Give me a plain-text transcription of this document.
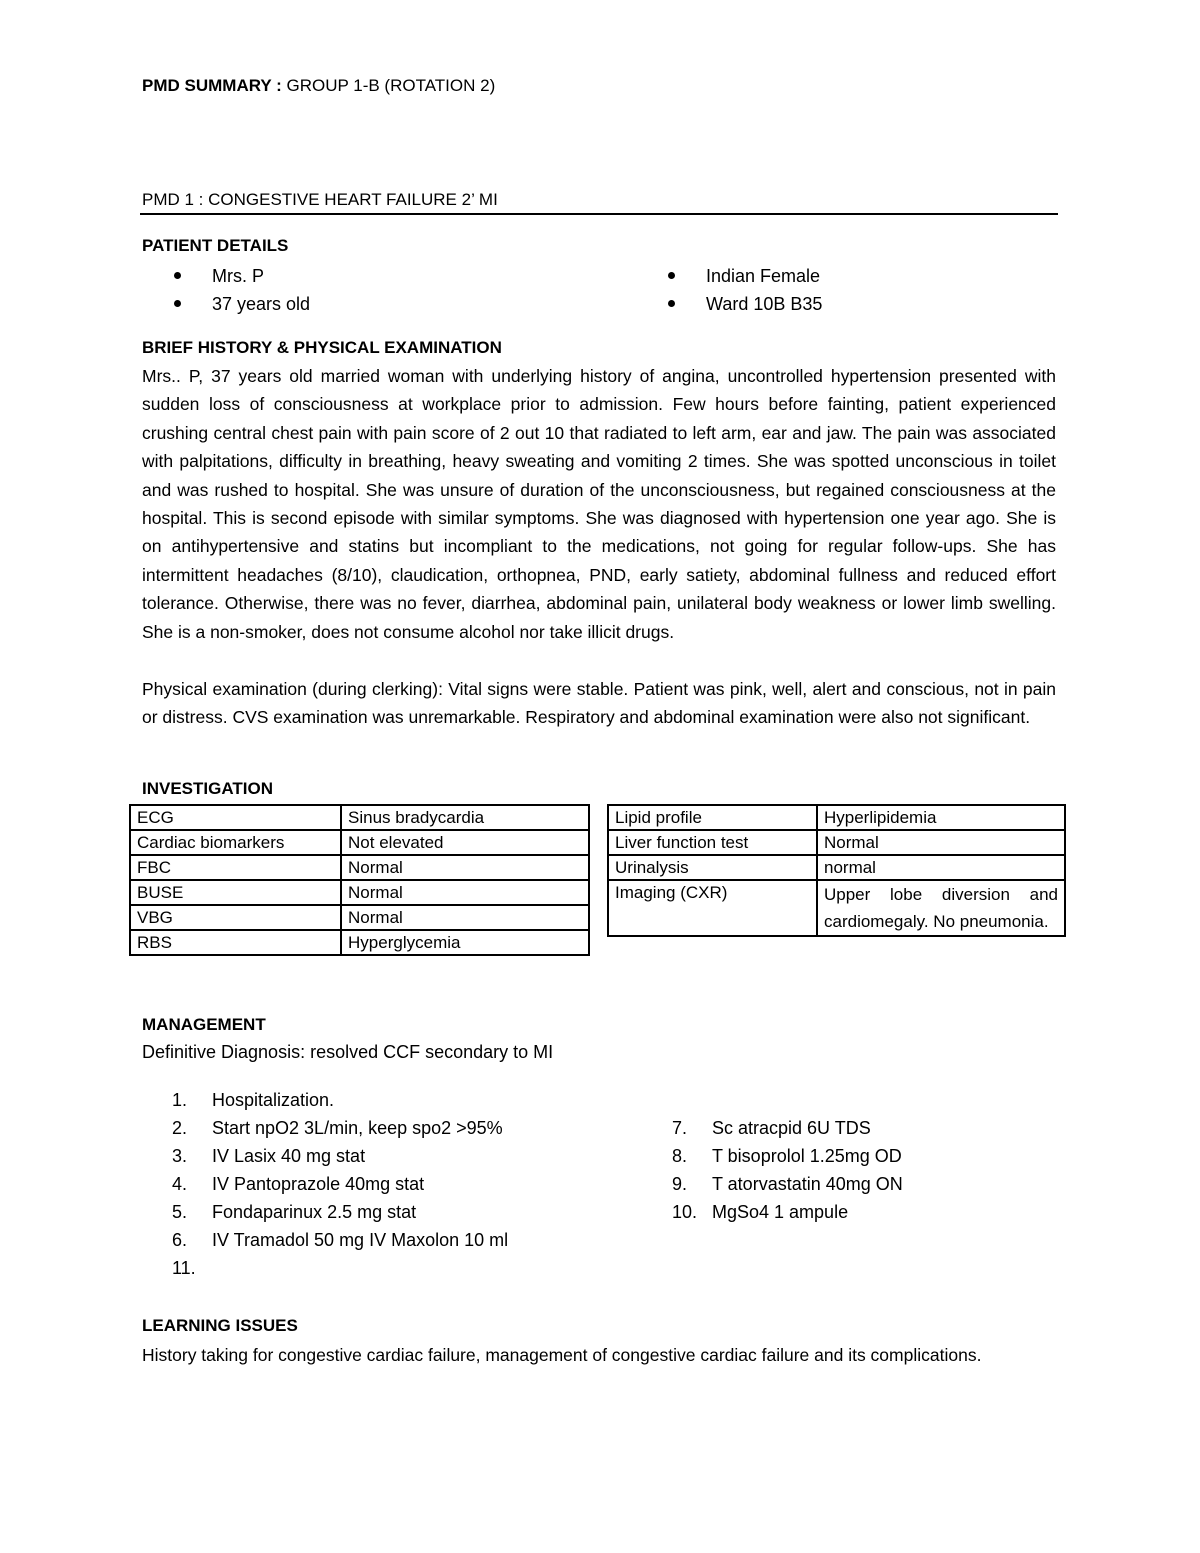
PMD SUMMARY : GROUP 1-B (ROTATION 2)
PMD 1 : CONGESTIVE HEART FAILURE 2’ MI
PATIENT DETAILS
Mrs. P
37 years old
Indian Female
Ward 10B B35
BRIEF HISTORY & PHYSICAL EXAMINATION

Mrs.. P, 37 years old married woman with underlying history of angina, uncontrolled hypertension presented with sudden loss of consciousness at workplace prior to admission. Few hours before fainting, patient experienced crushing central chest pain with pain score of 2 out 10 that radiated to left arm, ear and jaw. The pain was associated with palpitations, difficulty in breathing, heavy sweating and vomiting 2 times. She was spotted unconscious in toilet and was rushed to hospital. She was unsure of duration of the unconsciousness, but regained consciousness at the hospital. This is second episode with similar symptoms. She was diagnosed with hypertension one year ago. She is on antihypertensive and statins but incompliant to the medications, not going for regular follow-ups. She has intermittent headaches (8/10), claudication, orthopnea, PND, early satiety, abdominal fullness and reduced effort tolerance. Otherwise, there was no fever, diarrhea, abdominal pain, unilateral body weakness or lower limb swelling. She is a non-smoker, does not consume alcohol nor take illicit drugs.

Physical examination (during clerking): Vital signs were stable. Patient was pink, well, alert and conscious, not in pain or distress. CVS examination was unremarkable. Respiratory and abdominal examination were also not significant.

INVESTIGATION
ECG	Sinus bradycardia
Cardiac biomarkers	Not elevated
FBC	Normal
BUSE	Normal
VBG	Normal
RBS	Hyperglycemia
Lipid profile	Hyperlipidemia
Liver function test	Normal
Urinalysis	normal
Imaging (CXR)	Upper lobe diversion and cardiomegaly. No pneumonia.
MANAGEMENT
Definitive Diagnosis: resolved CCF secondary to MI
1. Hospitalization.
2. Start npO2 3L/min, keep spo2 >95%
3. IV Lasix 40 mg stat
4. IV Pantoprazole 40mg stat
5. Fondaparinux 2.5 mg stat
6. IV Tramadol 50 mg IV Maxolon 10 ml
11.
7. Sc atracpid 6U TDS
8. T bisoprolol 1.25mg OD
9. T atorvastatin 40mg ON
10. MgSo4 1 ampule
LEARNING ISSUES

History taking for congestive cardiac failure, management of congestive cardiac failure and its complications.
